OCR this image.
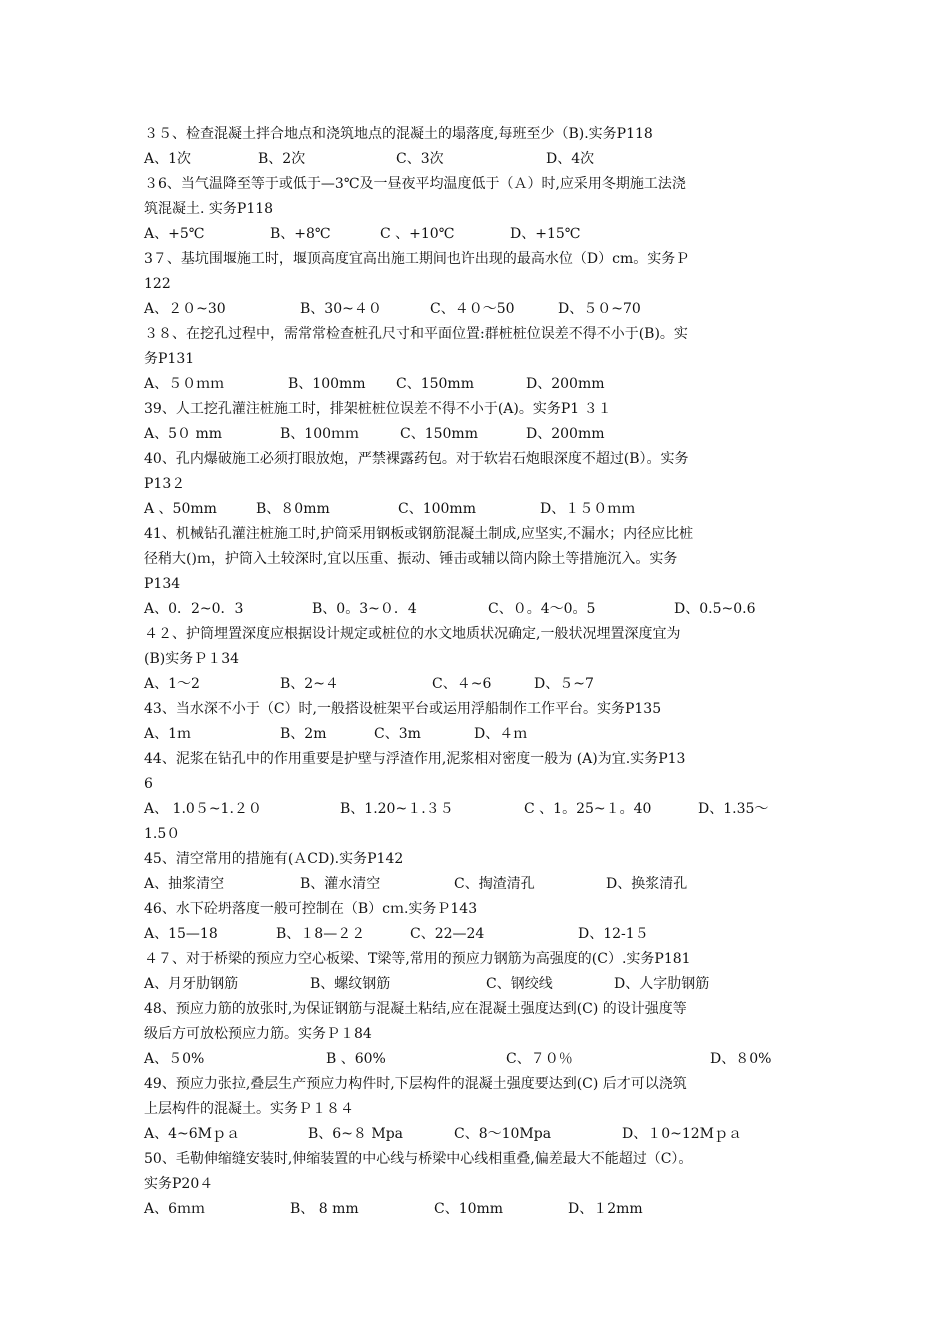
３５、检查混凝土拌合地点和浇筑地点的混凝土的塌落度,每班至少（B).实务P118
A、1次	B、2次	C、3次	D、4次
３6、当气温降至等于或低于—3℃及一昼夜平均温度低于（Ａ）时,应采用冬期施工法浇
筑混凝土. 实务P118
A、+5℃	B、+8℃	C 、+10℃	D、+15℃
3７、基坑围堰施工时，堰顶高度宜高出施工期间也许出现的最高水位（D）cm。实务Ｐ
122
A、２０~30	B、30~４０	C、４０～50	D、５０~70
３８、在挖孔过程中，需常常检查桩孔尺寸和平面位置:群桩桩位误差不得不小于(B)。实
务P131
A、５０ｍｍ	B、100mm C、150mm	D、200mm
39、人工挖孔灌注桩施工时，排架桩桩位误差不得不小于(A)。实务P1 ３１
A、5０ mm	B、100ｍｍ	C、150mm	D、200mm
40、孔内爆破施工必须打眼放炮，严禁裸露药包。对于软岩石炮眼深度不超过(B）。实务
P13２
A 、50mm	B、８0mm	C、100mm	D、１５０ｍｍ
41、机械钻孔灌注桩施工时,护筒采用钢板或钢筋混凝土制成,应坚实,不漏水；内径应比桩
径稍大()ｍ，护筒入土较深时,宜以压重、振动、锤击或辅以筒内除土等措施沉入。实务
P134
A、0．2~0．3	B、0。3~０．4	C、０。4～0。5	D、0.5~0.6
４２、护筒埋置深度应根据设计规定或桩位的水文地质状况确定,一般状况埋置深度宜为
(B)实务Ｐ１34
A、1～2	B、2~４	C、４~6	D、５~7
43、当水深不小于（C）时,一般搭设桩架平台或运用浮船制作工作平台。实务P135
A、1ｍ	B、2m	C、3m	D、４ｍ
44、泥浆在钻孔中的作用重要是护壁与浮渣作用,泥浆相对密度一般为 (A)为宜.实务P13
6
A、 1.0５~1.２０	B、1.20~１.３５	C 、1。25~１。40	D、1.35～
1.5０
45、清空常用的措施有(ＡCD).实务P142
A、抽浆清空	B、灌水清空	C、掏渣清孔	D、换浆清孔
46、水下砼坍落度一般可控制在（B）cｍ.实务Ｐ143
A、15—18	B、１8—２２	C、22—24	D、12-1５
４７、对于桥梁的预应力空心板梁、T梁等,常用的预应力钢筋为高强度的(C）.实务P181
A、月牙肋钢筋	B、螺纹钢筋	C、钢绞线	D、人字肋钢筋
48、预应力筋的放张时,为保证钢筋与混凝土粘结,应在混凝土强度达到(C) 的设计强度等
级后方可放松预应力筋。实务Ｐ１84
A、５0%	B 、60%	C、７０％	D、８0%
49、预应力张拉,叠层生产预应力构件时,下层构件的混凝土强度要达到(C) 后才可以浇筑
上层构件的混凝土。实务Ｐ１８４
A、4~6Mｐａ	B、6~８ Mpa	C、8～10Mpa	D、１0~12Mｐａ
50、毛勒伸缩缝安装时,伸缩装置的中心线与桥梁中心线相重叠,偏差最大不能超过（C）。
实务P20４
A、6ｍｍ	B、 8 mm	C、10mm	D、１2mm
